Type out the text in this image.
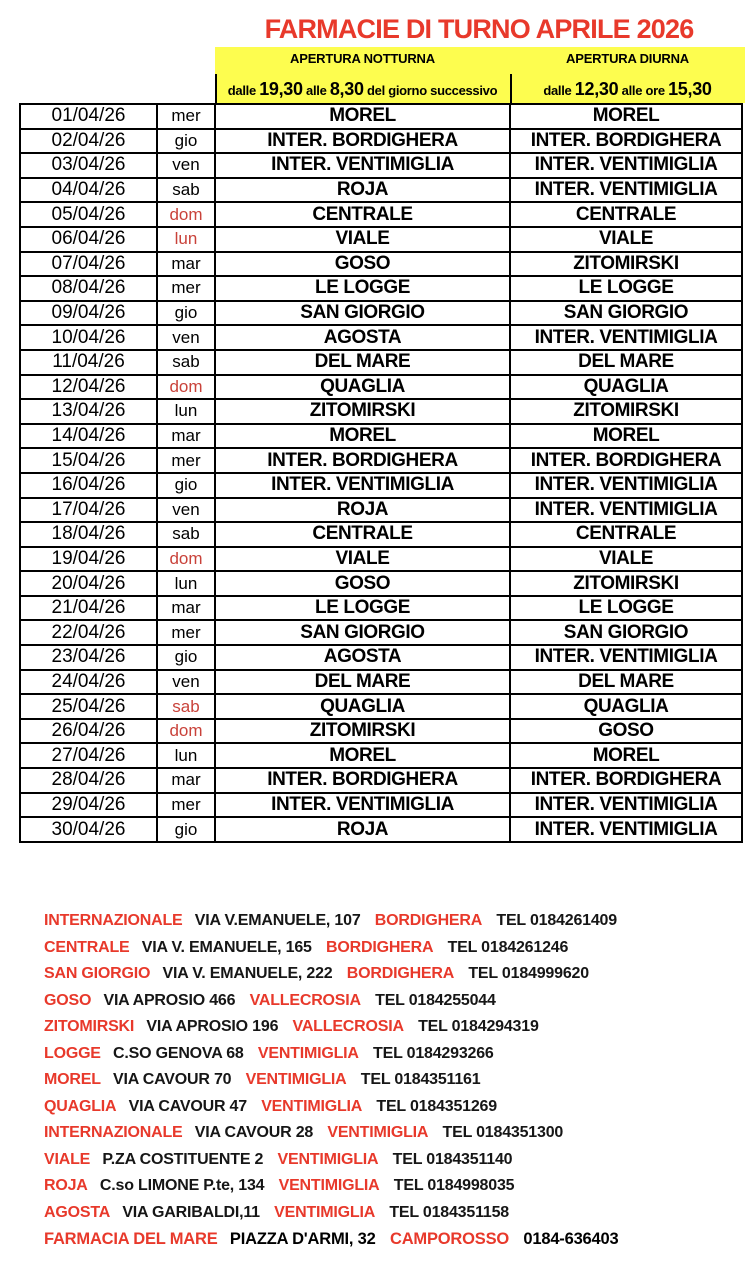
FARMACIE DI TURNO APRILE 2026
APERTURA NOTTURNA
dalle 19,30 alle 8,30 del giorno successivo
APERTURA DIURNA
dalle 12,30 alle ore 15,30
01/04/26	mer	MOREL	MOREL
02/04/26	gio	INTER. BORDIGHERA	INTER. BORDIGHERA
03/04/26	ven	INTER. VENTIMIGLIA	INTER. VENTIMIGLIA
04/04/26	sab	ROJA	INTER. VENTIMIGLIA
05/04/26	dom	CENTRALE	CENTRALE
06/04/26	lun	VIALE	VIALE
07/04/26	mar	GOSO	ZITOMIRSKI
08/04/26	mer	LE LOGGE	LE LOGGE
09/04/26	gio	SAN GIORGIO	SAN GIORGIO
10/04/26	ven	AGOSTA	INTER. VENTIMIGLIA
11/04/26	sab	DEL MARE	DEL MARE
12/04/26	dom	QUAGLIA	QUAGLIA
13/04/26	lun	ZITOMIRSKI	ZITOMIRSKI
14/04/26	mar	MOREL	MOREL
15/04/26	mer	INTER. BORDIGHERA	INTER. BORDIGHERA
16/04/26	gio	INTER. VENTIMIGLIA	INTER. VENTIMIGLIA
17/04/26	ven	ROJA	INTER. VENTIMIGLIA
18/04/26	sab	CENTRALE	CENTRALE
19/04/26	dom	VIALE	VIALE
20/04/26	lun	GOSO	ZITOMIRSKI
21/04/26	mar	LE LOGGE	LE LOGGE
22/04/26	mer	SAN GIORGIO	SAN GIORGIO
23/04/26	gio	AGOSTA	INTER. VENTIMIGLIA
24/04/26	ven	DEL MARE	DEL MARE
25/04/26	sab	QUAGLIA	QUAGLIA
26/04/26	dom	ZITOMIRSKI	GOSO
27/04/26	lun	MOREL	MOREL
28/04/26	mar	INTER. BORDIGHERA	INTER. BORDIGHERA
29/04/26	mer	INTER. VENTIMIGLIA	INTER. VENTIMIGLIA
30/04/26	gio	ROJA	INTER. VENTIMIGLIA
INTERNAZIONALE VIA V.EMANUELE, 107 BORDIGHERA TEL 0184261409
CENTRALE VIA V. EMANUELE, 165 BORDIGHERA TEL 0184261246
SAN GIORGIO VIA V. EMANUELE, 222 BORDIGHERA TEL 0184999620
GOSO VIA APROSIO 466 VALLECROSIA TEL 0184255044
ZITOMIRSKI VIA APROSIO 196 VALLECROSIA TEL 0184294319
LOGGE C.SO GENOVA 68 VENTIMIGLIA TEL 0184293266
MOREL VIA CAVOUR 70 VENTIMIGLIA TEL 0184351161
QUAGLIA VIA CAVOUR 47 VENTIMIGLIA TEL 0184351269
INTERNAZIONALE VIA CAVOUR 28 VENTIMIGLIA TEL 0184351300
VIALE P.ZA COSTITUENTE 2 VENTIMIGLIA TEL 0184351140
ROJA C.so LIMONE P.te, 134 VENTIMIGLIA TEL 0184998035
AGOSTA VIA GARIBALDI,11 VENTIMIGLIA TEL 0184351158
FARMACIA DEL MARE PIAZZA D'ARMI, 32 CAMPOROSSO 0184-636403
